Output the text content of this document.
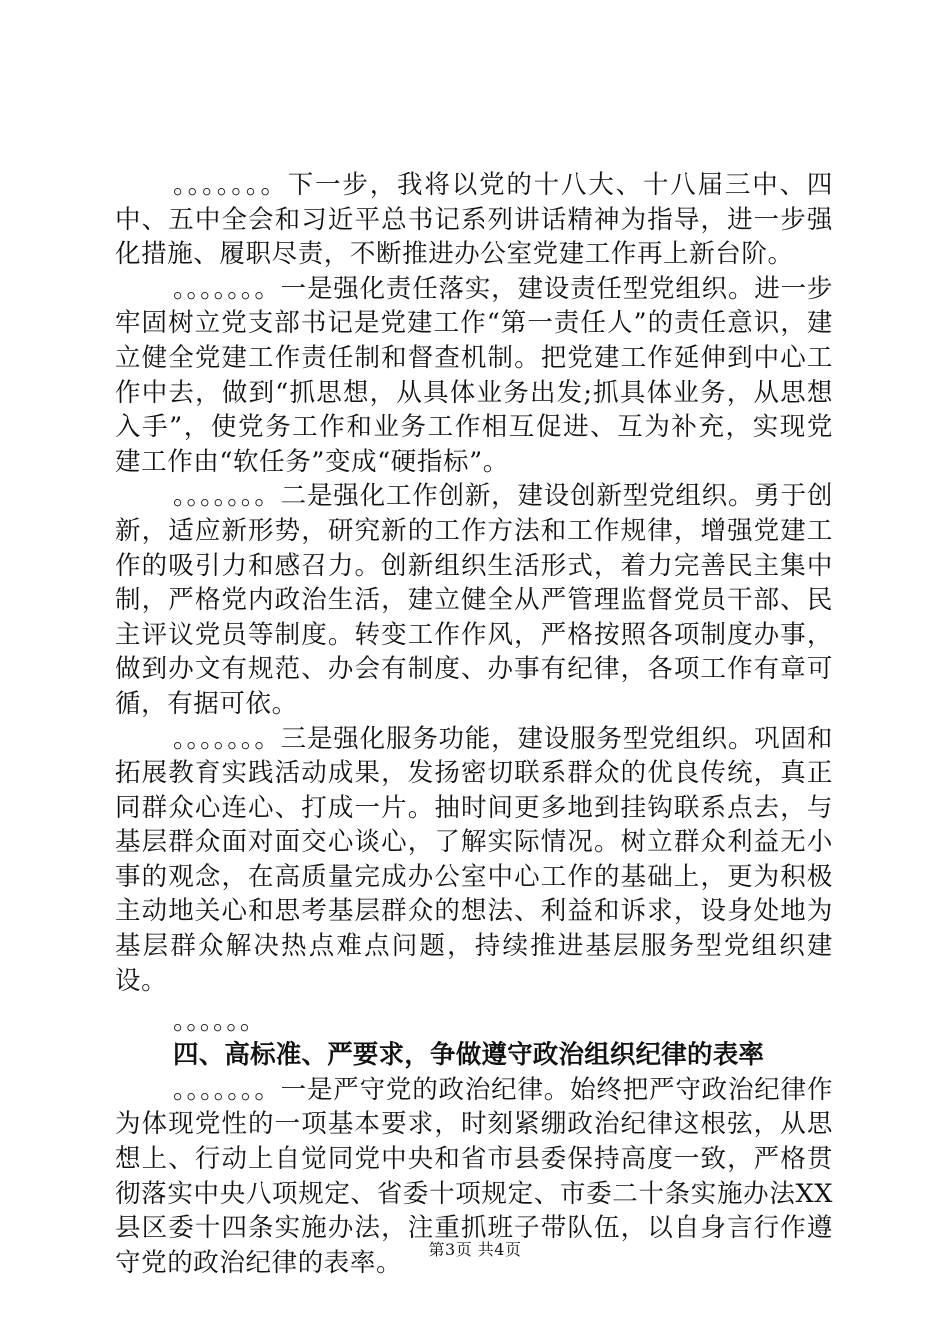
。。。。。。。下一步，我将以党的十八大、十八届三中、四中、五中全会和习近平总书记系列讲话精神为指导，进一步强化措施、履职尽责，不断推进办公室党建工作再上新台阶。

。。。。。。。一是强化责任落实，建设责任型党组织。进一步牢固树立党支部书记是党建工作“第一责任人”的责任意识，建立健全党建工作责任制和督查机制。把党建工作延伸到中心工作中去，做到“抓思想，从具体业务出发;抓具体业务，从思想入手”，使党务工作和业务工作相互促进、互为补充，实现党建工作由“软任务”变成“硬指标”。

。。。。。。。二是强化工作创新，建设创新型党组织。勇于创新，适应新形势，研究新的工作方法和工作规律，增强党建工作的吸引力和感召力。创新组织生活形式，着力完善民主集中制，严格党内政治生活，建立健全从严管理监督党员干部、民主评议党员等制度。转变工作作风，严格按照各项制度办事，做到办文有规范、办会有制度、办事有纪律，各项工作有章可循，有据可依。

。。。。。。。三是强化服务功能，建设服务型党组织。巩固和拓展教育实践活动成果，发扬密切联系群众的优良传统，真正同群众心连心、打成一片。抽时间更多地到挂钩联系点去，与基层群众面对面交心谈心，了解实际情况。树立群众利益无小事的观念，在高质量完成办公室中心工作的基础上，更为积极主动地关心和思考基层群众的想法、利益和诉求，设身处地为基层群众解决热点难点问题，持续推进基层服务型党组织建设。

。。。。。。

四、高标准、严要求，争做遵守政治组织纪律的表率

。。。。。。。一是严守党的政治纪律。始终把严守政治纪律作为体现党性的一项基本要求，时刻紧绷政治纪律这根弦，从思想上、行动上自觉同党中央和省市县委保持高度一致，严格贯彻落实中央八项规定、省委十项规定、市委二十条实施办法XX县区委十四条实施办法，注重抓班子带队伍，以自身言行作遵守党的政治纪律的表率。	第3页 共4页
